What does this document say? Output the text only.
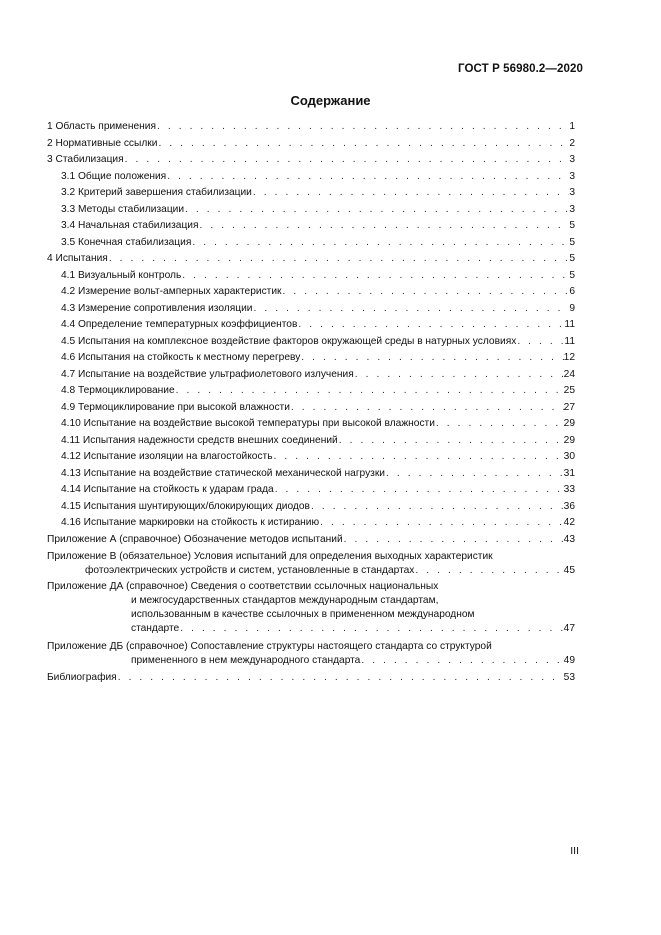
ГОСТ Р 56980.2—2020
Содержание
1 Область применения . . .	1
2 Нормативные ссылки . . .	2
3 Стабилизация . . .	3
3.1 Общие положения . . .	3
3.2 Критерий завершения стабилизации . . .	3
3.3 Методы стабилизации . . .	3
3.4 Начальная стабилизация . . .	5
3.5 Конечная стабилизация . . .	5
4 Испытания . . .	5
4.1 Визуальный контроль . . .	5
4.2 Измерение вольт-амперных характеристик . . .	6
4.3 Измерение сопротивления изоляции . . .	9
4.4 Определение температурных коэффициентов . . .	11
4.5 Испытания на комплексное воздействие факторов окружающей среды в натурных условиях . . .	11
4.6 Испытания на стойкость к местному перегреву . . .	12
4.7 Испытание на воздействие ультрафиолетового излучения . . .	24
4.8 Термоциклирование . . .	25
4.9 Термоциклирование при высокой влажности . . .	27
4.10 Испытание на воздействие высокой температуры при высокой влажности . . .	29
4.11 Испытания надежности средств внешних соединений . . .	29
4.12 Испытание изоляции на влагостойкость . . .	30
4.13 Испытание на воздействие статической механической нагрузки . . .	31
4.14 Испытание на стойкость к ударам града . . .	33
4.15 Испытания шунтирующих/блокирующих диодов . . .	36
4.16 Испытание маркировки на стойкость к истиранию . . .	42
Приложение А (справочное) Обозначение методов испытаний . . .	43
Приложение В (обязательное) Условия испытаний для определения выходных характеристик
фотоэлектрических устройств и систем, установленные в стандартах . . .	45
Приложение ДА (справочное) Сведения о соответствии ссылочных национальных
и межгосударственных стандартов международным стандартам,
использованным в качестве ссылочных в примененном международном
стандарте . . .	47
Приложение ДБ (справочное) Сопоставление структуры настоящего стандарта со структурой
примененного в нем международного стандарта . . .	49
Библиография . . .	53
III
